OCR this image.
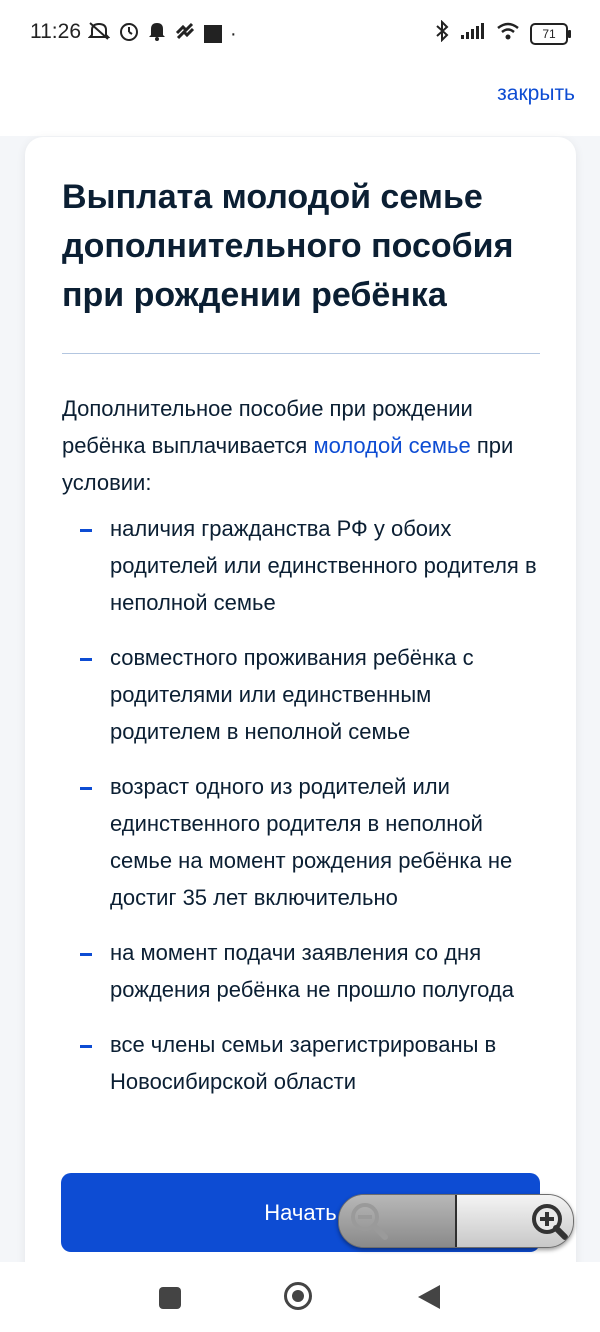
11:26	·	71
закрыть
Выплата молодой семье дополнительного пособия при рождении ребёнка

Дополнительное пособие при рождении ребёнка выплачивается молодой семье при условии:

наличия гражданства РФ у обоих родителей или единственного родителя в неполной семье
совместного проживания ребёнка с родителями или единственным родителем в неполной семье
возраст одного из родителей или единственного родителя в неполной семье на момент рождения ребёнка не достиг 35 лет включительно
на момент подачи заявления со дня рождения ребёнка не прошло полугода
все члены семьи зарегистрированы в Новосибирской области
Начать
